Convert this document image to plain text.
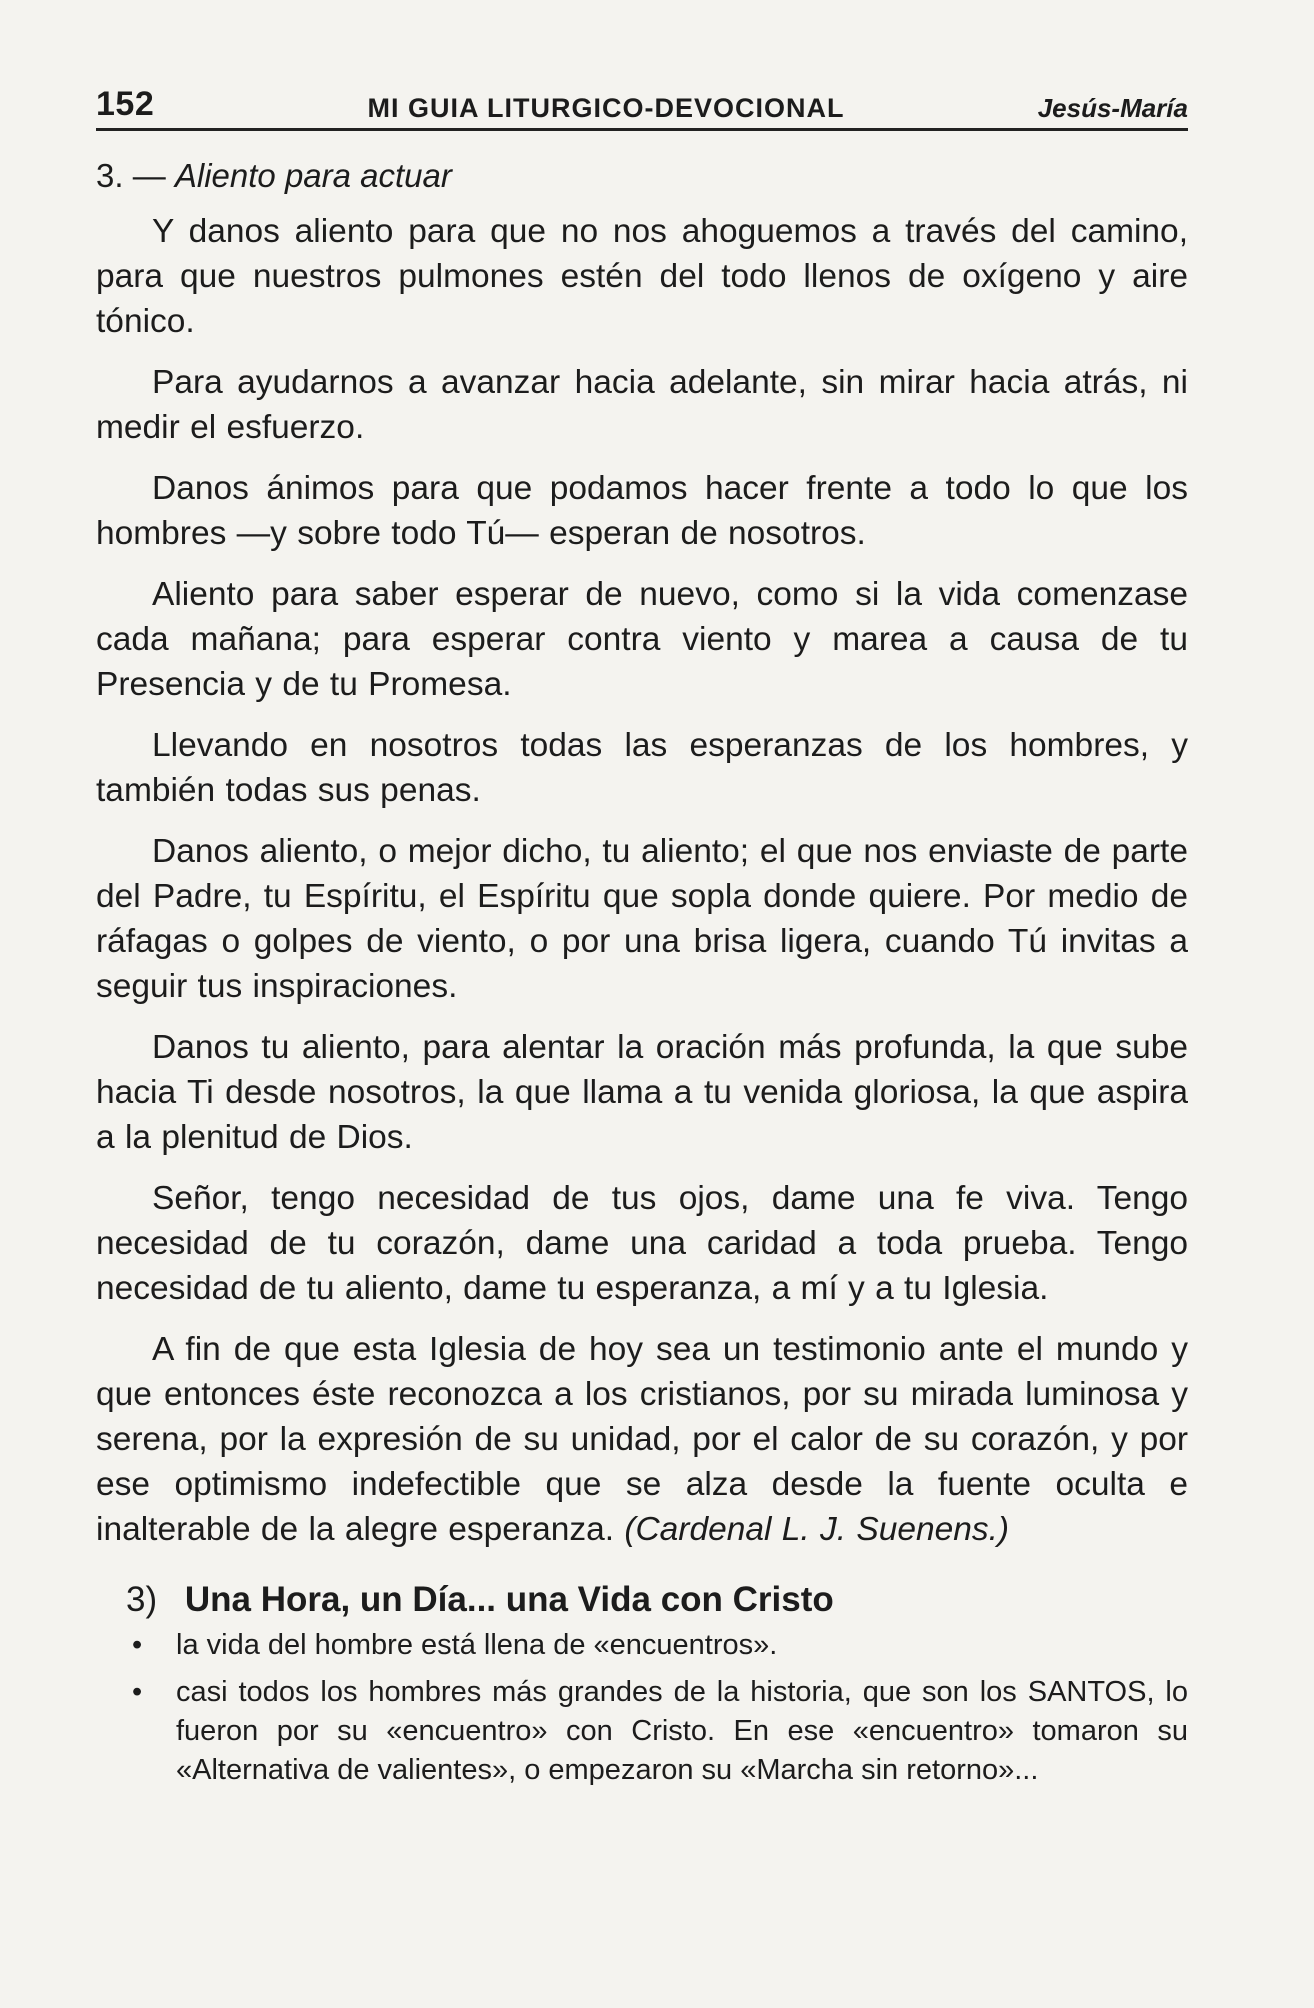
152	MI GUIA LITURGICO-DEVOCIONAL	Jesús-María
3. — Aliento para actuar

Y danos aliento para que no nos ahoguemos a través del camino, para que nuestros pulmones estén del todo llenos de oxígeno y aire tónico.

Para ayudarnos a avanzar hacia adelante, sin mirar hacia atrás, ni medir el esfuerzo.

Danos ánimos para que podamos hacer frente a todo lo que los hombres —y sobre todo Tú— esperan de nosotros.

Aliento para saber esperar de nuevo, como si la vida comenzase cada mañana; para esperar contra viento y marea a causa de tu Presencia y de tu Promesa.

Llevando en nosotros todas las esperanzas de los hombres, y también todas sus penas.

Danos aliento, o mejor dicho, tu aliento; el que nos enviaste de parte del Padre, tu Espíritu, el Espíritu que sopla donde quiere. Por medio de ráfagas o golpes de viento, o por una brisa ligera, cuando Tú invitas a seguir tus inspiraciones.

Danos tu aliento, para alentar la oración más profunda, la que sube hacia Ti desde nosotros, la que llama a tu venida gloriosa, la que aspira a la plenitud de Dios.

Señor, tengo necesidad de tus ojos, dame una fe viva. Tengo necesidad de tu corazón, dame una caridad a toda prueba. Tengo necesidad de tu aliento, dame tu esperanza, a mí y a tu Iglesia.

A fin de que esta Iglesia de hoy sea un testimonio ante el mundo y que entonces éste reconozca a los cristianos, por su mirada luminosa y serena, por la expresión de su unidad, por el calor de su corazón, y por ese optimismo indefectible que se alza desde la fuente oculta e inalterable de la alegre esperanza. (Cardenal L. J. Suenens.)

3) Una Hora, un Día... una Vida con Cristo
• la vida del hombre está llena de «encuentros».
• casi todos los hombres más grandes de la historia, que son los SANTOS, lo fueron por su «encuentro» con Cristo. En ese «encuentro» tomaron su «Alternativa de valientes», o empezaron su «Marcha sin retorno»...
